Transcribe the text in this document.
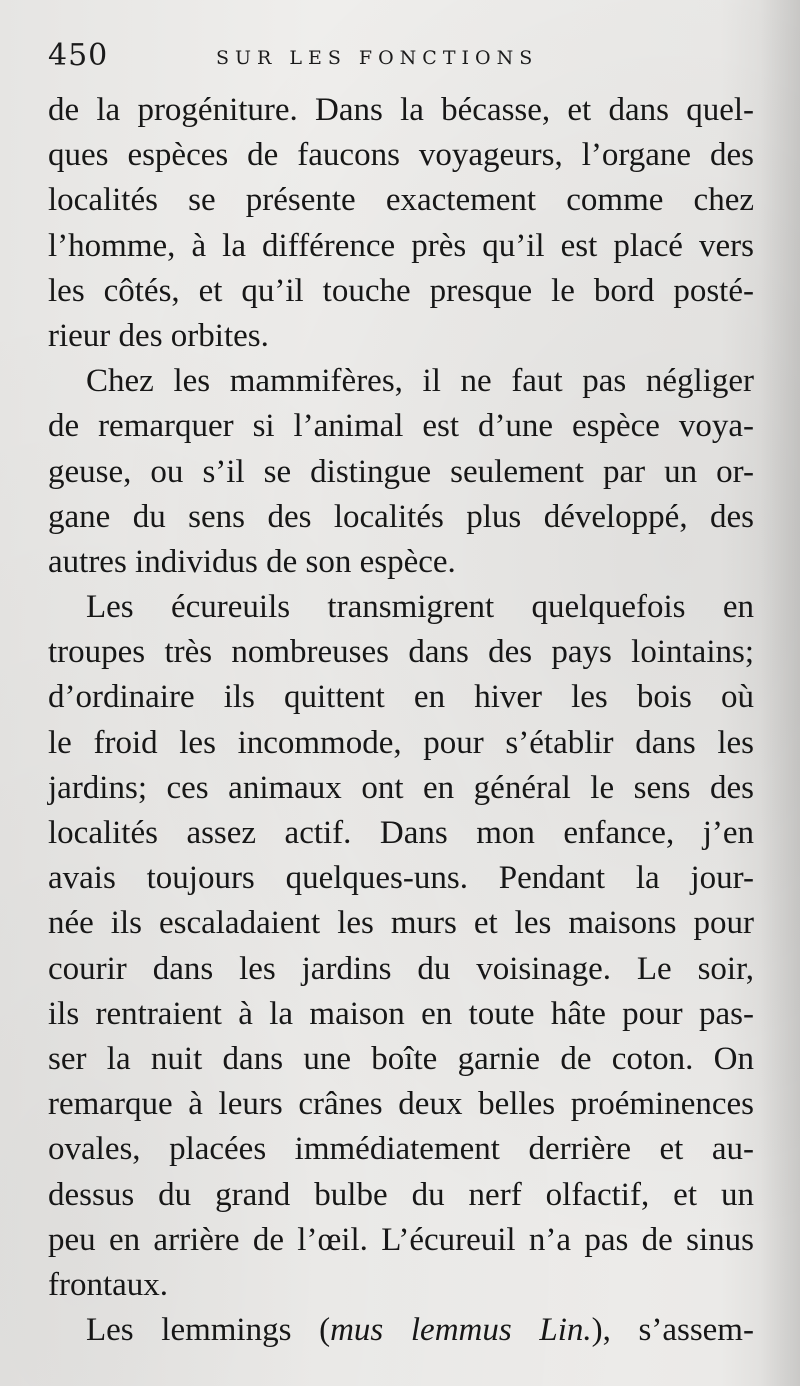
450	SUR LES FONCTIONS
de la progéniture. Dans la bécasse, et dans quel-
ques espèces de faucons voyageurs, l’organe des
localités se présente exactement comme chez
l’homme, à la différence près qu’il est placé vers
les côtés, et qu’il touche presque le bord posté-
rieur des orbites.
Chez les mammifères, il ne faut pas négliger
de remarquer si l’animal est d’une espèce voya-
geuse, ou s’il se distingue seulement par un or-
gane du sens des localités plus développé, des
autres individus de son espèce.
Les écureuils transmigrent quelquefois en
troupes très nombreuses dans des pays lointains;
d’ordinaire ils quittent en hiver les bois où
le froid les incommode, pour s’établir dans les
jardins; ces animaux ont en général le sens des
localités assez actif. Dans mon enfance, j’en
avais toujours quelques-uns. Pendant la jour-
née ils escaladaient les murs et les maisons pour
courir dans les jardins du voisinage. Le soir,
ils rentraient à la maison en toute hâte pour pas-
ser la nuit dans une boîte garnie de coton. On
remarque à leurs crânes deux belles proéminences
ovales, placées immédiatement derrière et au-
dessus du grand bulbe du nerf olfactif, et un
peu en arrière de l’œil. L’écureuil n’a pas de sinus
frontaux.
Les lemmings (mus lemmus Lin.), s’assem-
